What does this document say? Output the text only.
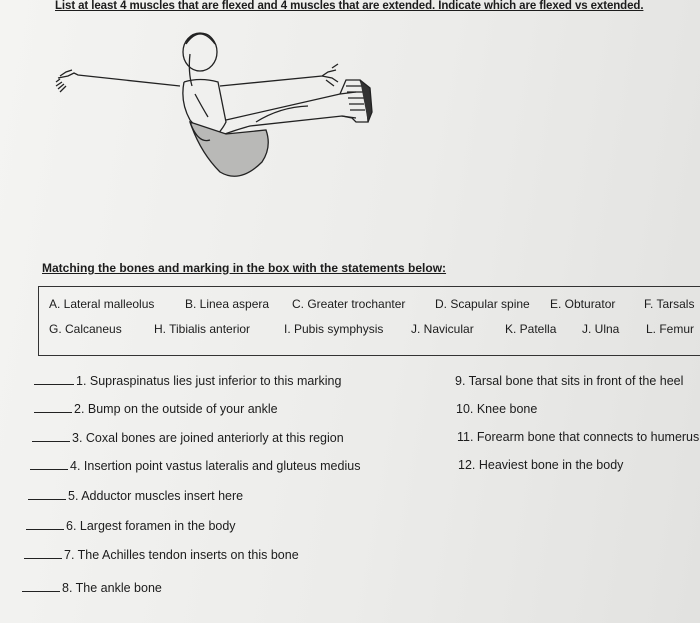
List at least 4 muscles that are flexed and 4 muscles that are extended. Indicate which are flexed vs extended.
Matching the bones and marking in the box with the statements below:
A. Lateral malleolus	B. Linea aspera C. Greater trochanter D. Scapular spine E. Obturator F. Tarsals
G. Calcaneus	H. Tibialis anterior	I. Pubis symphysis J. Navicular	K. Patella J. Ulna L. Femur
1. Supraspinatus lies just inferior to this marking
2. Bump on the outside of your ankle
3. Coxal bones are joined anteriorly at this region
4. Insertion point vastus lateralis and gluteus medius
5. Adductor muscles insert here
6. Largest foramen in the body
7. The Achilles tendon inserts on this bone
8. The ankle bone
9. Tarsal bone that sits in front of the heel
10. Knee bone
11. Forearm bone that connects to humerus
12. Heaviest bone in the body
